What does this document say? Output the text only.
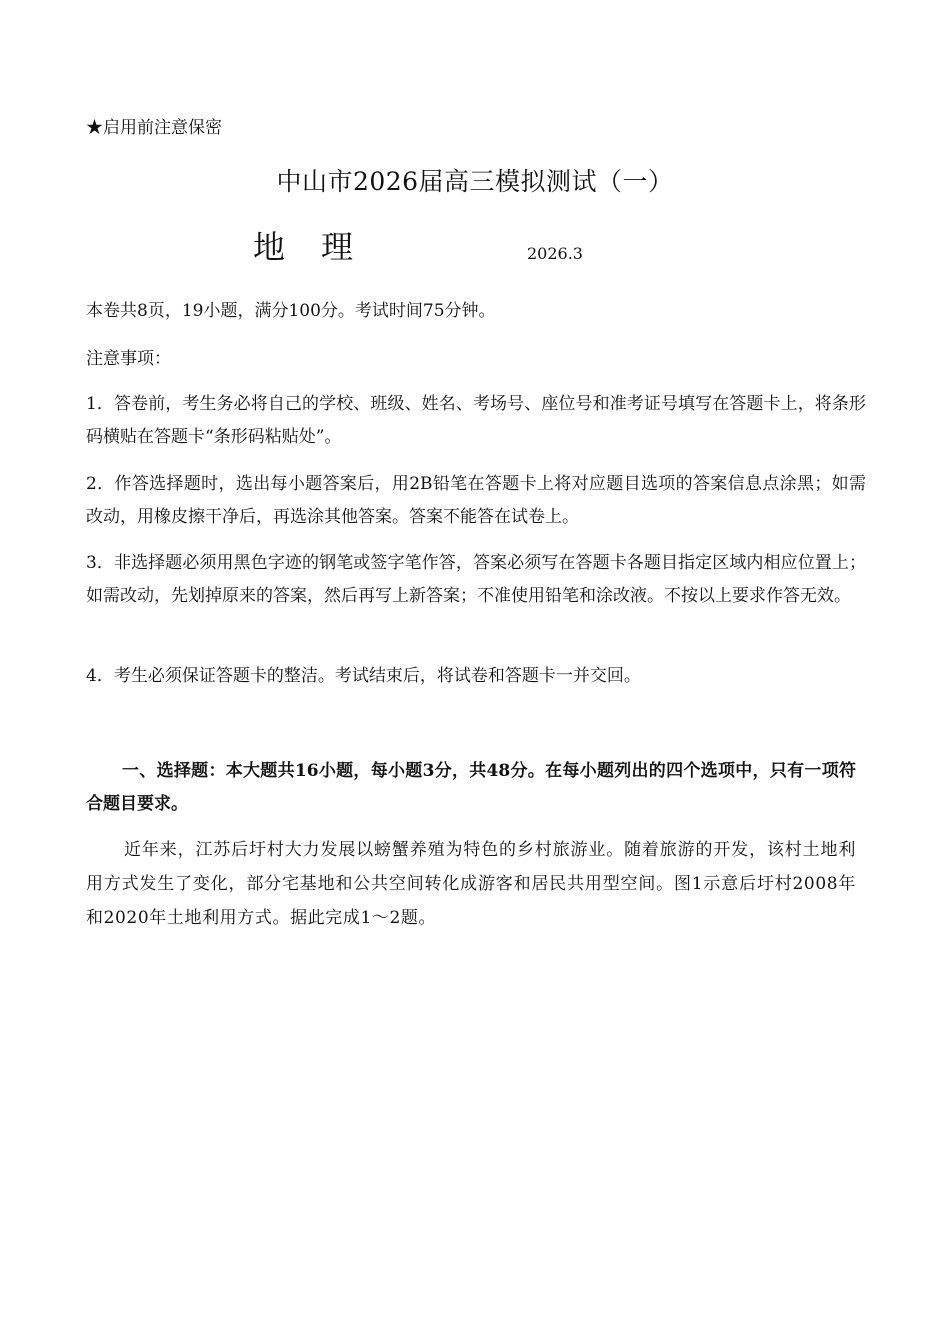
★启用前注意保密
中山市2026届高三模拟测试（一）
地理	2026.3
本卷共8页，19小题，满分100分。考试时间75分钟。
注意事项：
1．答卷前，考生务必将自己的学校、班级、姓名、考场号、座位号和准考证号填写在答题卡上，将条形码横贴在答题卡“条形码粘贴处”。
2．作答选择题时，选出每小题答案后，用2B铅笔在答题卡上将对应题目选项的答案信息点涂黑；如需改动，用橡皮擦干净后，再选涂其他答案。答案不能答在试卷上。
3．非选择题必须用黑色字迹的钢笔或签字笔作答，答案必须写在答题卡各题目指定区域内相应位置上；如需改动，先划掉原来的答案，然后再写上新答案；不准使用铅笔和涂改液。不按以上要求作答无效。
4．考生必须保证答题卡的整洁。考试结束后，将试卷和答题卡一并交回。
一、选择题：本大题共16小题，每小题3分，共48分。在每小题列出的四个选项中，只有一项符合题目要求。
近年来，江苏后圩村大力发展以螃蟹养殖为特色的乡村旅游业。随着旅游的开发，该村土地利用方式发生了变化，部分宅基地和公共空间转化成游客和居民共用型空间。图1示意后圩村2008年和2020年土地利用方式。据此完成1～2题。
